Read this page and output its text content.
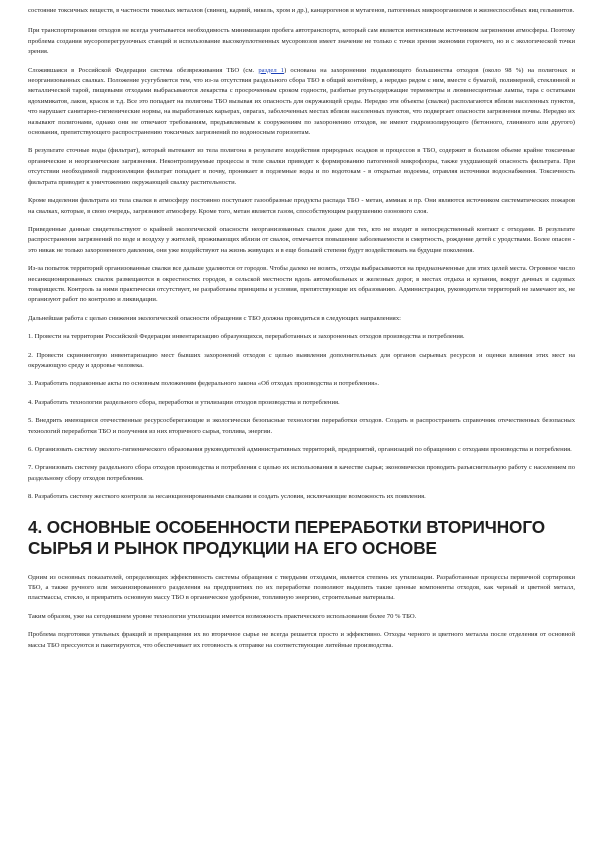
состояние токсичных веществ, в частности тяжелых металлов (свинец, кадмий, никель, хром и др.), канцерогенов и мутагенов, патогенных микроорганизмов и жизнеспособных яиц гельминтов.

При транспортировании отходов не всегда учитывается необходимость минимизации пробега автотранспорта, который сам является интенсивным источником загрязнения атмосферы. Поэтому проблема создания мусороперегрузочных станций и использование высокоуплотненных мусоровозов имеет значение не только с точки зрения экономии горючего, но и с экологической точки зрения.

Сложившаяся в Российской Федерации система обезвреживания ТБО (см. раздел 1) основана на захоронении подавляющего большинства отходов (около 98 %) на полигонах и неорганизованных свалках. Положение усугубляется тем, что из-за отсутствия раздельного сбора ТБО в общий контейнер, а нередко рядом с ним, вместе с бумагой, полимерной, стеклянной и металлической тарой, пищевыми отходами выбрасываются лекарства с просроченным сроком годности, разбитые ртутьсодержащие термометры и люминесцентные лампы, тара с остатками ядохимикатов, лаков, красок и т.д. Все это попадает на полигоны ТБО вызывая их опасность для окружающей среды. Нередко эти объекты (свалки) располагаются вблизи населенных пунктов, что нарушает санитарно-гигиенические нормы, на выработанных карьерах, оврагах, заболоченных местах вблизи населенных пунктов, что подвергает опасности загрязнения почвы. Нередко их называют полигонами, однако они не отвечают требованиям, предъявляемым к сооружениям по захоронению отходов, не имеют гидроизолирующего (бетонного, глиняного или другого) основания, препятствующего распространению токсичных загрязнений по водоносным горизонтам.

В результате сточные воды (фильтрат), который вытекают из тела полигона в результате воздействия природных осадков и процессов в ТБО, содержит в большом объеме крайне токсичные органические и неорганические загрязнения. Неконтролируемые процессы в теле свалки приводят к формированию патогенной микрофлоры, также ухудшающей опасность фильтрата. При отсутствии необходимой гидроизоляции фильтрат попадает в почву, проникает в подземные воды и по водотокам - в открытые водоемы, отравляя источники водоснабжения. Токсичность фильтрата приводит к уничтожению окружающей свалку растительности.

Кроме выделения фильтрата из тела свалки в атмосферу постоянно поступают газообразные продукты распада ТБО - метан, аммиак и пр. Они являются источником систематических пожаров на свалках, которые, в свою очередь, загрязняют атмосферу. Кроме того, метан является газом, способствующим разрушению озонового слоя.

Приведенные данные свидетельствуют о крайней экологической опасности неорганизованных свалок даже для тех, кто не входит в непосредственный контакт с отходами. В результате распространения загрязнений по воде и воздуху у жителей, проживающих вблизи от свалок, отмечается повышение заболеваемости и смертность, рождение детей с уродствами. Более опасен - это никак не только захороненного давления, они уже воздействуют на жизнь живущих и в еще большей степени будут воздействовать на будущие поколения.

Из-за попыток территорий организованные свалки все дальше удаляются от городов. Чтобы далеко не возить, отходы выбрасываются на предназначенные для этих целей места. Огромное число несанкционированных свалок размещаются в окрестностях городов, в сельской местности вдоль автомобильных и железных дорог, в местах отдыха и купания, вокруг дачных и садовых товариществ. Контроль за ними практически отсутствует, не разработаны принципы и условия, препятствующие их образованию. Администрации, руководители территорий не замечают их, не организуют работ по контролю и ликвидации.

Дальнейшая работа с целью снижения экологической опасности обращения с ТБО должна проводиться в следующих направлениях:

1. Провести на территории Российской Федерации инвентаризацию образующихся, переработанных и захороненных отходов производства и потребления.

2. Провести скрининговую инвентаризацию мест бывших захоронений отходов с целью выявления дополнительных для органов сырьевых ресурсов и оценки влияния этих мест на окружающую среду и здоровье человека.

3. Разработать подзаконные акты по основным положениям федерального закона «Об отходах производства и потребления».

4. Разработать технологии раздельного сбора, переработки и утилизации отходов производства и потребления.

5. Внедрить имеющиеся отечественные ресурсосберегающие и экологически безопасные технологии переработки отходов. Создать и распространить справочник отечественных безопасных технологий переработки ТБО и получения из них вторичного сырья, топлива, энергии.

6. Организовать систему эколого-гигиенического образования руководителей административных территорий, предприятий, организаций по обращению с отходами производства и потребления.

7. Организовать систему раздельного сбора отходов производства и потребления с целью их использования в качестве сырья; экономически проводить разъяснительную работу с населением по раздельному сбору отходов потребления.

8. Разработать систему жесткого контроля за несанкционированными свалками и создать условия, исключающие возможность их появления.

4. ОСНОВНЫЕ ОСОБЕННОСТИ ПЕРЕРАБОТКИ ВТОРИЧНОГО СЫРЬЯ И РЫНОК ПРОДУКЦИИ НА ЕГО ОСНОВЕ

Одним из основных показателей, определяющих эффективность системы обращения с твердыми отходами, является степень их утилизации. Разработанные процессы первичной сортировки ТБО, а также ручного или механизированного разделения на предприятиях по их переработке позволяют выделить такие ценные компоненты отходов, как черный и цветной металл, пластмассы, стекло, и превратить основную массу ТБО в органическое удобрение, топливную энергию, строительные материалы.

Таким образом, уже на сегодняшнем уровне технологии утилизации имеется возможность практического использования более 70 % ТБО.

Проблема подготовки утильных фракций и превращения их во вторичное сырье не всегда решается просто и эффективно. Отходы черного и цветного металла после отделения от основной массы ТБО прессуются и пакетируются, что обеспечивает их готовность к отправке на соответствующие литейные производства.
